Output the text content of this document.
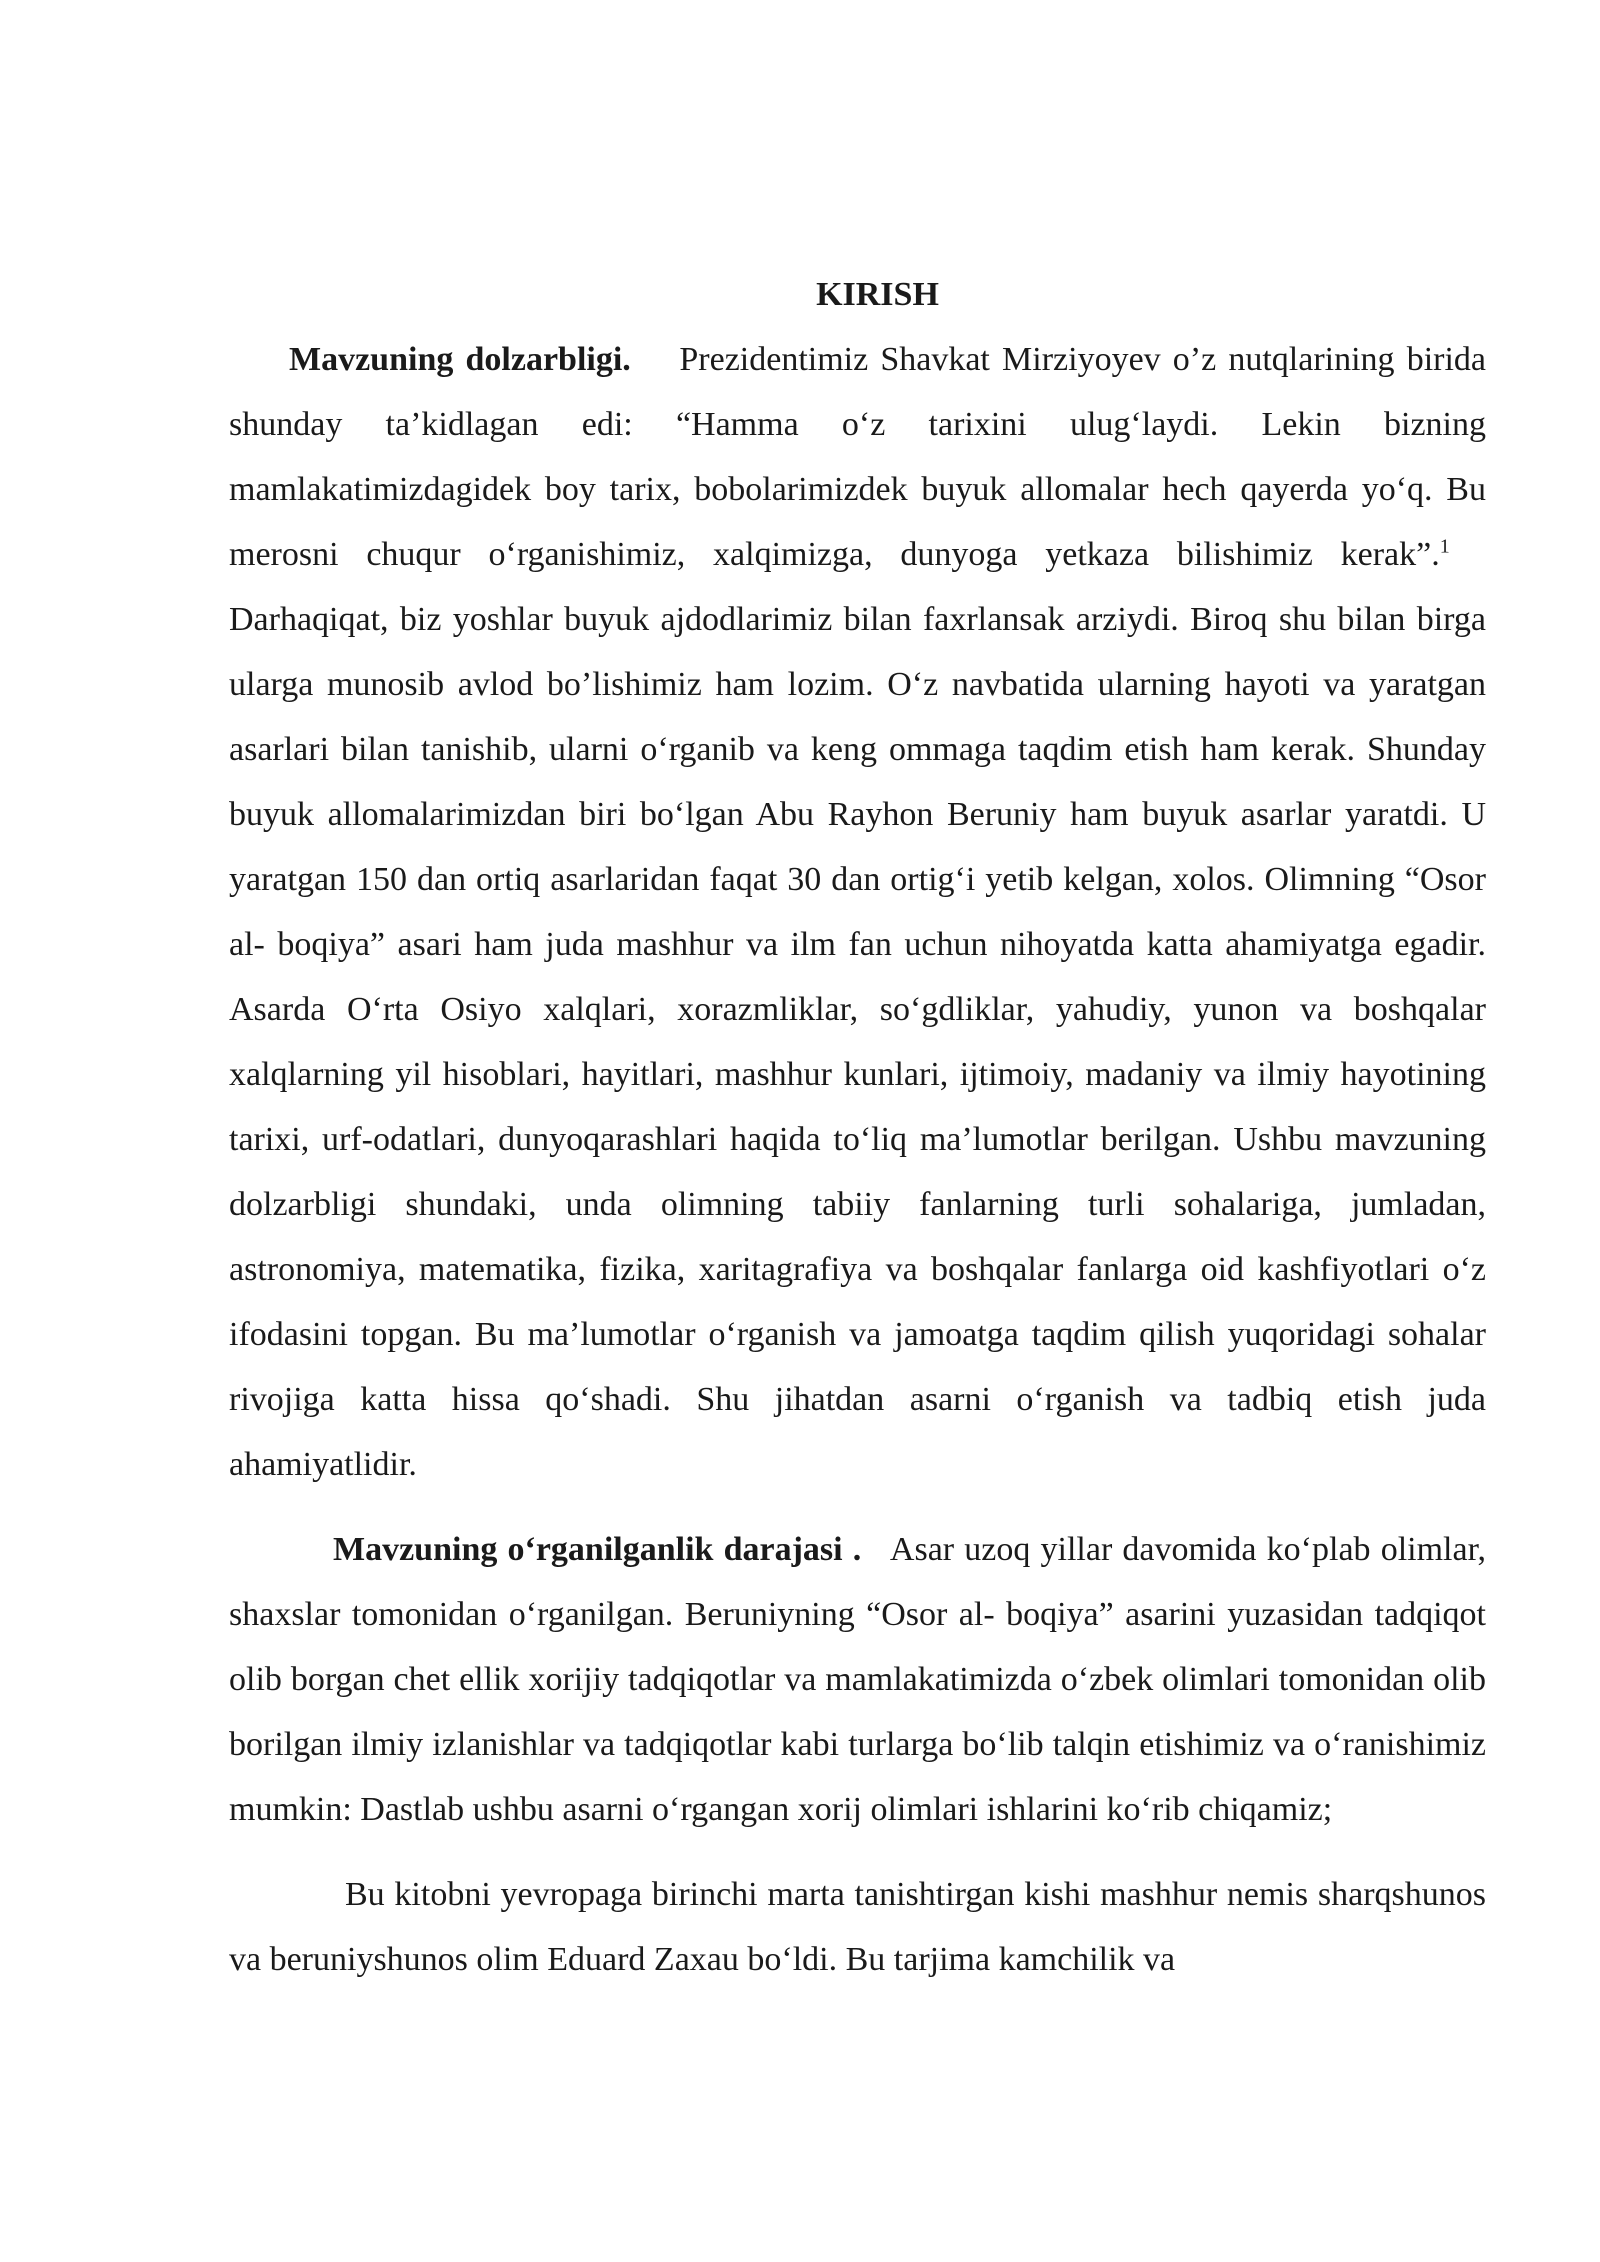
KIRISH

Mavzuning dolzarbligi. Prezidentimiz Shavkat Mirziyoyev o’z nutqlarining birida shunday ta’kidlagan edi: “Hamma o‘z tarixini ulug‘laydi. Lekin bizning mamlakatimizdagidek boy tarix, bobolarimizdek buyuk allomalar hech qayerda yo‘q. Bu merosni chuqur o‘rganishimiz, xalqimizga, dunyoga yetkaza bilishimiz kerak”.$^1$   Darhaqiqat, biz yoshlar buyuk ajdodlarimiz bilan faxrlansak arziydi. Biroq shu bilan birga ularga munosib avlod bo’lishimiz ham lozim. O‘z navbatida ularning hayoti va yaratgan asarlari bilan tanishib, ularni o‘rganib va keng ommaga taqdim etish ham kerak. Shunday buyuk allomalarimizdan biri bo‘lgan Abu Rayhon Beruniy ham buyuk asarlar yaratdi. U yaratgan 150 dan ortiq asarlaridan faqat 30 dan ortig‘i yetib kelgan, xolos. Olimning “Osor al- boqiya” asari ham juda mashhur va ilm fan uchun nihoyatda katta ahamiyatga egadir. Asarda O‘rta Osiyo xalqlari, xorazmliklar, so‘gdliklar, yahudiy, yunon va boshqalar xalqlarning yil hisoblari, hayitlari, mashhur kunlari, ijtimoiy, madaniy va ilmiy hayotining tarixi, urf-odatlari, dunyoqarashlari haqida to‘liq ma’lumotlar berilgan. Ushbu mavzuning dolzarbligi shundaki, unda olimning tabiiy fanlarning turli sohalariga, jumladan, astronomiya, matematika, fizika, xaritagrafiya va boshqalar fanlarga oid kashfiyotlari o‘z ifodasini topgan. Bu ma’lumotlar o‘rganish va jamoatga taqdim qilish yuqoridagi sohalar rivojiga katta hissa qo‘shadi. Shu jihatdan asarni o‘rganish va tadbiq etish juda ahamiyatlidir.

Mavzuning o‘rganilganlik darajasi . Asar uzoq yillar davomida ko‘plab olimlar, shaxslar tomonidan o‘rganilgan. Beruniyning “Osor al- boqiya” asarini yuzasidan tadqiqot olib borgan chet ellik xorijiy tadqiqotlar va mamlakatimizda o‘zbek olimlari tomonidan olib borilgan ilmiy izlanishlar va tadqiqotlar kabi turlarga bo‘lib talqin etishimiz va o‘ranishimiz mumkin: Dastlab ushbu asarni o‘rgangan xorij olimlari ishlarini ko‘rib chiqamiz;

Bu kitobni yevropaga birinchi marta tanishtirgan kishi mashhur nemis sharqshunos va beruniyshunos olim Eduard Zaxau bo‘ldi. Bu tarjima kamchilik va
